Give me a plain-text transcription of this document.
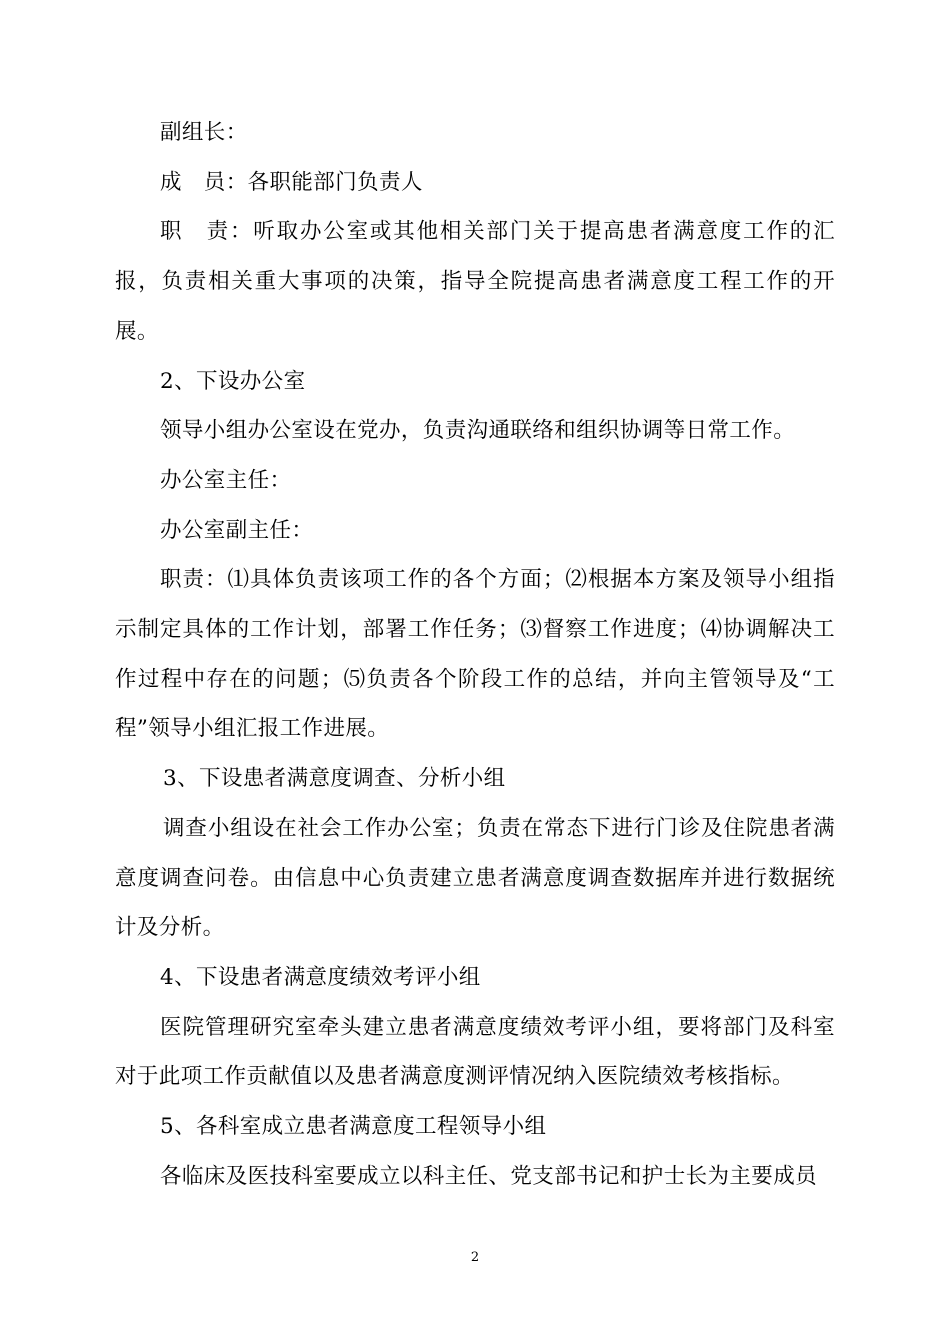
副组长：

成　员：各职能部门负责人

职　责：听取办公室或其他相关部门关于提高患者满意度工作的汇报，负责相关重大事项的决策，指导全院提高患者满意度工程工作的开展。

2、下设办公室

领导小组办公室设在党办，负责沟通联络和组织协调等日常工作。

办公室主任：

办公室副主任：

职责：⑴具体负责该项工作的各个方面；⑵根据本方案及领导小组指示制定具体的工作计划，部署工作任务；⑶督察工作进度；⑷协调解决工作过程中存在的问题；⑸负责各个阶段工作的总结，并向主管领导及“工程”领导小组汇报工作进展。

3、下设患者满意度调查、分析小组

调查小组设在社会工作办公室；负责在常态下进行门诊及住院患者满意度调查问卷。由信息中心负责建立患者满意度调查数据库并进行数据统计及分析。

4、下设患者满意度绩效考评小组

医院管理研究室牵头建立患者满意度绩效考评小组，要将部门及科室对于此项工作贡献值以及患者满意度测评情况纳入医院绩效考核指标。

5、各科室成立患者满意度工程领导小组

各临床及医技科室要成立以科主任、党支部书记和护士长为主要成员

2
